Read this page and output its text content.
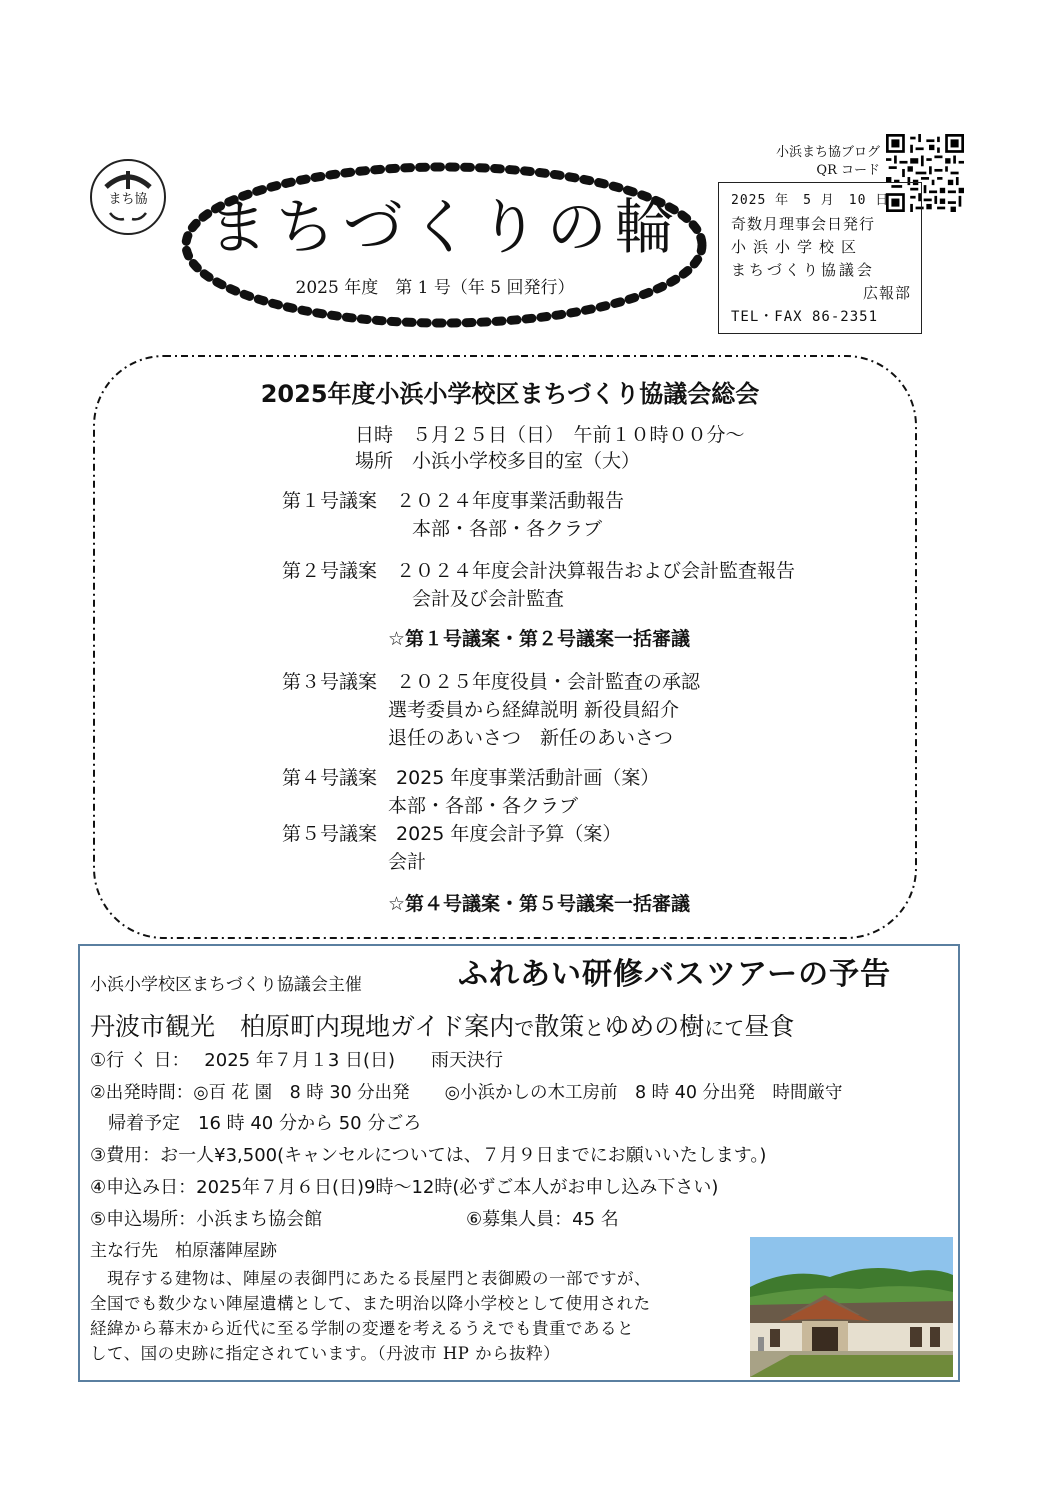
まち協 まちづくりの輪
2025 年度　第 1 号（年 5 回発行）
小浜まち協ブログ
QR コード
2025 年　5 月　10 日
奇数月理事会日発行
小浜小学校区
まちづくり協議会
広報部
TEL・FAX 86-2351
2025年度小浜小学校区まちづくり協議会総会
日時　５月２５日（日）　午前１０時００分～
場所　小浜小学校多目的室（大）
第１号議案　２０２４年度事業活動報告
本部・各部・各クラブ
第２号議案　２０２４年度会計決算報告および会計監査報告
会計及び会計監査
☆第１号議案・第２号議案一括審議
第３号議案　２０２５年度役員・会計監査の承認
選考委員から経緯説明 新役員紹介
退任のあいさつ　新任のあいさつ
第４号議案　2025 年度事業活動計画（案）
本部・各部・各クラブ
第５号議案　2025 年度会計予算（案）
会計
☆第４号議案・第５号議案一括審議
小浜小学校区まちづくり協議会主催	ふれあい研修バスツアーの予告
丹波市観光　柏原町内現地ガイド案内で散策とゆめの樹にて昼食
①行 く 日：　 2025 年７月１3 日(日)　　雨天決行
②出発時間：◎百 花 園　8 時 30 分出発　　◎小浜かしの木工房前　8 時 40 分出発　時間厳守
帰着予定　16 時 40 分から 50 分ごろ
③費用：お一人¥3,500(キャンセルについては、７月９日までにお願いいたします。)
④申込み日：2025年７月６日(日)9時～12時(必ずご本人がお申し込み下さい)
⑤申込場所：小浜まち協会館	⑥募集人員：45 名
主な行先　柏原藩陣屋跡
　現存する建物は、陣屋の表御門にあたる長屋門と表御殿の一部ですが、
全国でも数少ない陣屋遺構として、また明治以降小学校として使用された
経緯から幕末から近代に至る学制の変遷を考えるうえでも貴重であると
して、国の史跡に指定されています。（丹波市 HP から抜粋）
